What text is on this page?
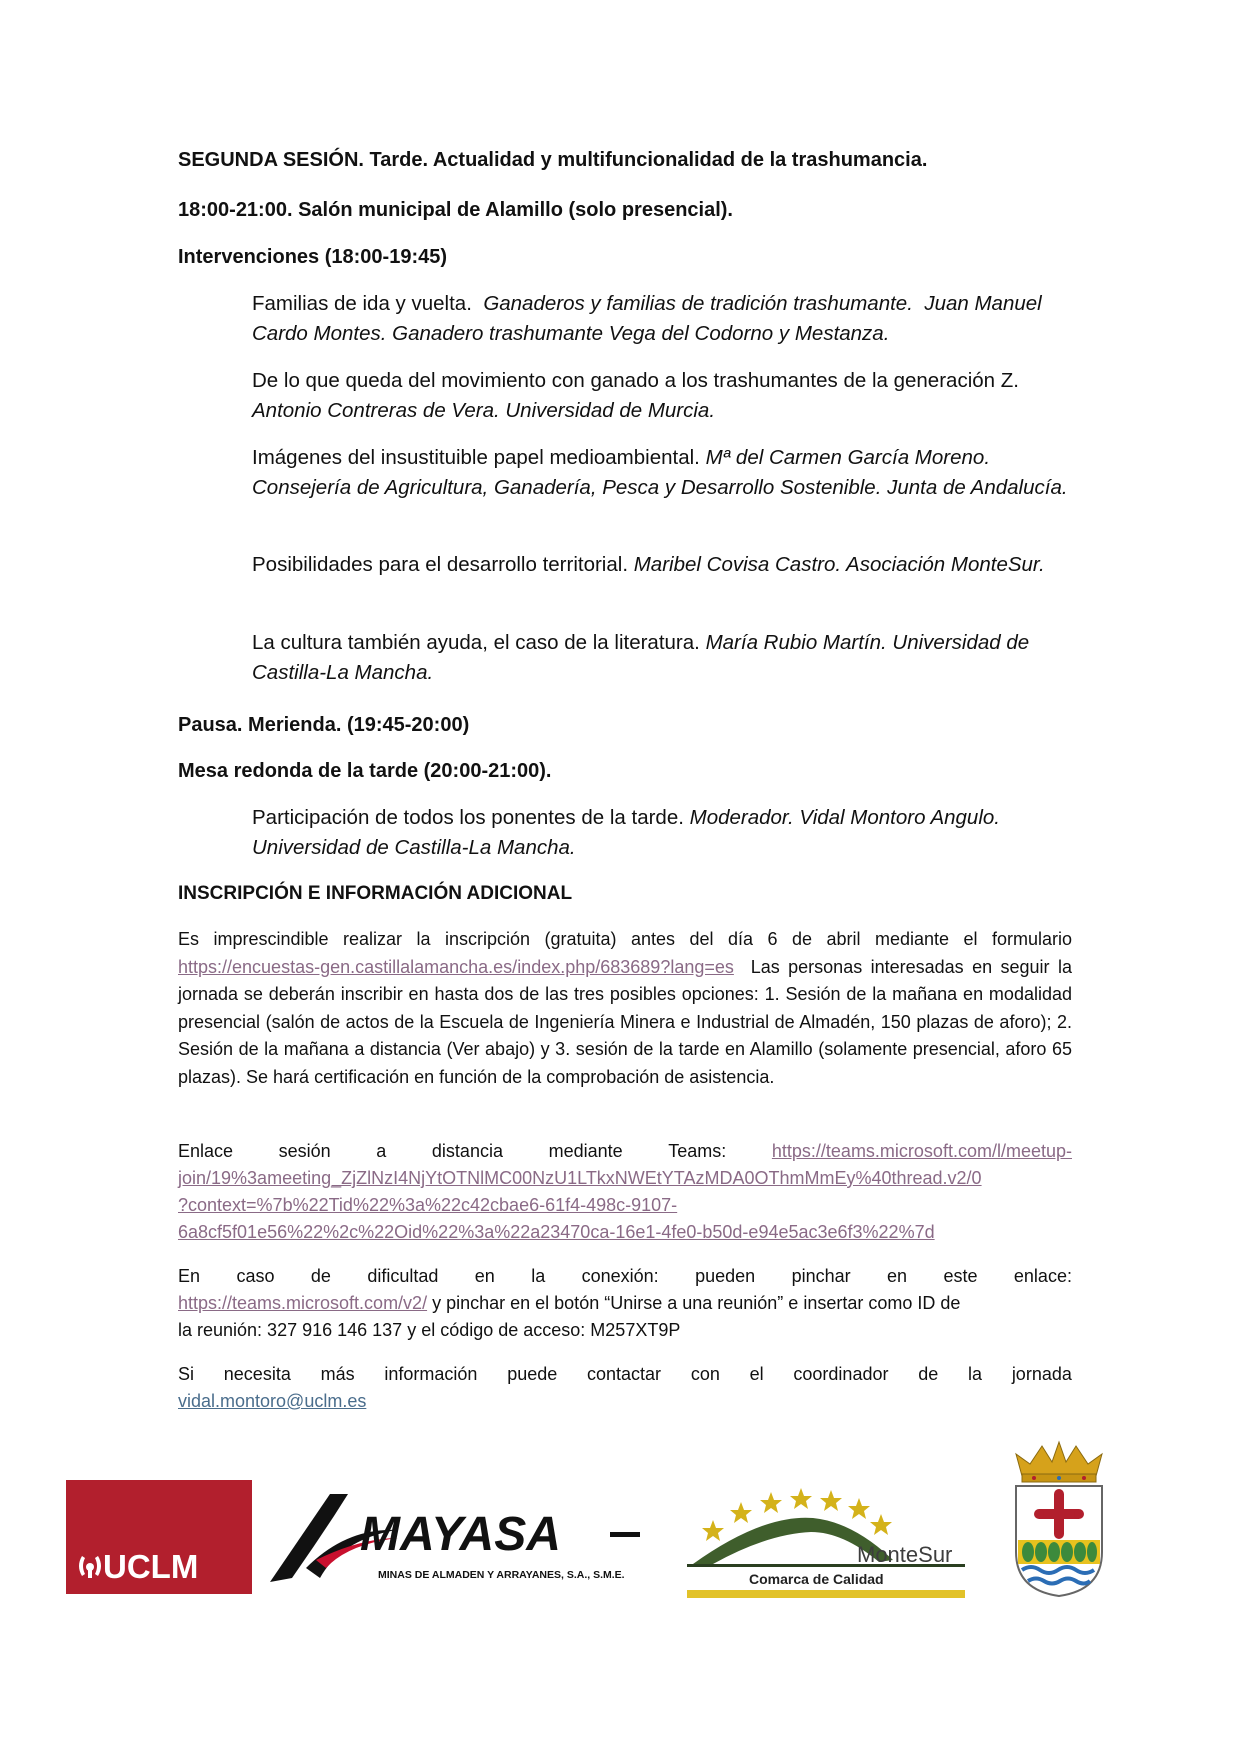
SEGUNDA SESIÓN. Tarde. Actualidad y multifuncionalidad de la trashumancia.
18:00-21:00. Salón municipal de Alamillo (solo presencial).
Intervenciones (18:00-19:45)
Familias de ida y vuelta. Ganaderos y familias de tradición trashumante. Juan Manuel Cardo Montes. Ganadero trashumante Vega del Codorno y Mestanza.
De lo que queda del movimiento con ganado a los trashumantes de la generación Z. Antonio Contreras de Vera. Universidad de Murcia.
Imágenes del insustituible papel medioambiental. Mª del Carmen García Moreno. Consejería de Agricultura, Ganadería, Pesca y Desarrollo Sostenible. Junta de Andalucía.
Posibilidades para el desarrollo territorial. Maribel Covisa Castro. Asociación MonteSur.
La cultura también ayuda, el caso de la literatura. María Rubio Martín. Universidad de Castilla-La Mancha.
Pausa. Merienda. (19:45-20:00)
Mesa redonda de la tarde (20:00-21:00).
Participación de todos los ponentes de la tarde. Moderador. Vidal Montoro Angulo. Universidad de Castilla-La Mancha.
INSCRIPCIÓN E INFORMACIÓN ADICIONAL
Es imprescindible realizar la inscripción (gratuita) antes del día 6 de abril mediante el formulario https://encuestas-gen.castillalamancha.es/index.php/683689?lang=es Las personas interesadas en seguir la jornada se deberán inscribir en hasta dos de las tres posibles opciones: 1. Sesión de la mañana en modalidad presencial (salón de actos de la Escuela de Ingeniería Minera e Industrial de Almadén, 150 plazas de aforo); 2. Sesión de la mañana a distancia (Ver abajo) y 3. sesión de la tarde en Alamillo (solamente presencial, aforo 65 plazas). Se hará certificación en función de la comprobación de asistencia.
Enlace	sesión	a	distancia	mediante	Teams:	https://teams.microsoft.com/l/meetup-
join/19%3ameeting_ZjZlNzI4NjYtOTNlMC00NzU1LTkxNWEtYTAzMDA0OThmMmEy%40thread.v2/0
?context=%7b%22Tid%22%3a%22c42cbae6-61f4-498c-9107-
6a8cf5f01e56%22%2c%22Oid%22%3a%22a23470ca-16e1-4fe0-b50d-e94e5ac3e6f3%22%7d
En caso de dificultad en la conexión: pueden pinchar en este enlace:
https://teams.microsoft.com/v2/ y pinchar en el botón “Unirse a una reunión” e insertar como ID de
la reunión: 327 916 146 137 y el código de acceso: M257XT9P
Si necesita más información puede contactar con el coordinador de la jornada
vidal.montoro@uclm.es
UCLM
MAYASA
MINAS DE ALMADEN Y ARRAYANES, S.A., S.M.E.
MonteSur
Comarca de Calidad
